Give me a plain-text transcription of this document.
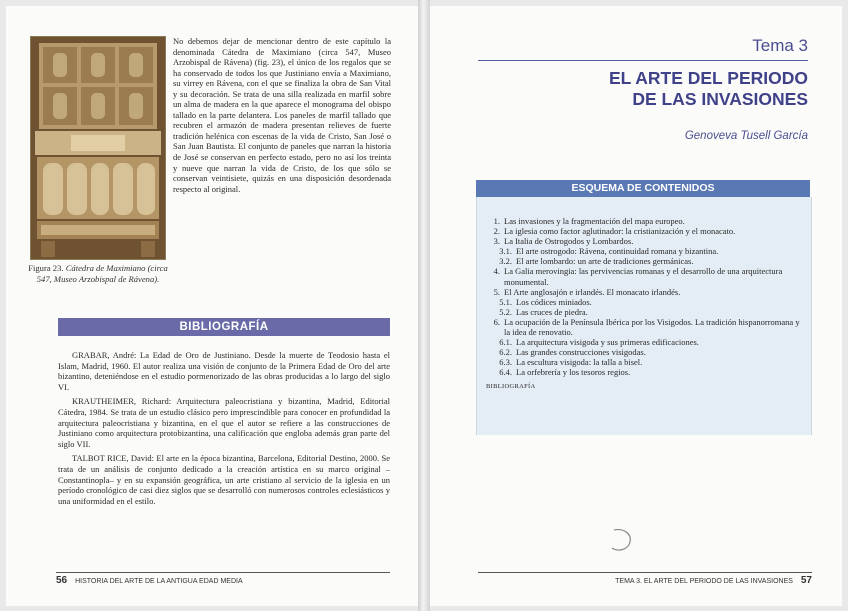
Figura 23. Cátedra de Maximiano (circa 547, Museo Arzobispal de Rávena).
No debemos dejar de mencionar dentro de este capítulo la denominada Cátedra de Maximiano (circa 547, Museo Arzobispal de Rávena) (fig. 23), el único de los regalos que se ha conservado de todos los que Justiniano envía a Maximiano, su virrey en Rávena, con el que se finaliza la obra de San Vital y su decoración. Se trata de una silla realizada en marfil sobre un alma de madera en la que aparece el monograma del obispo tallado en la parte delantera. Los paneles de marfil tallado que recubren el armazón de madera presentan relieves de fuerte tradición helénica con escenas de la vida de Cristo, San José o San Juan Bautista. El conjunto de paneles que narran la historia de José se conservan en perfecto estado, pero no así los treinta y nueve que narran la vida de Cristo, de los que sólo se conservan veintisiete, quizás en una disposición desordenada respecto al original.
BIBLIOGRAFÍA

GRABAR, André: La Edad de Oro de Justiniano. Desde la muerte de Teodosio hasta el Islam, Madrid, 1960. El autor realiza una visión de conjunto de la Primera Edad de Oro del arte bizantino, deteniéndose en el estudio pormenorizado de las obras producidas a lo largo del siglo VI.

KRAUTHEIMER, Richard: Arquitectura paleocristiana y bizantina, Madrid, Editorial Cátedra, 1984. Se trata de un estudio clásico pero imprescindible para conocer en profundidad la arquitectura paleocristiana y bizantina, en el que el autor se refiere a las construcciones de Justiniano como arquitectura protobizantina, una calificación que engloba además gran parte del siglo VII.

TALBOT RICE, David: El arte en la época bizantina, Barcelona, Editorial Destino, 2000. Se trata de un análisis de conjunto dedicado a la creación artística en su marco original –Constantinopla– y en su expansión geográfica, un arte cristiano al servicio de la iglesia en un período cronológico de casi diez siglos que se desarrolló con numerosos controles eclesiásticos y una uniformidad en el estilo.

56 HISTORIA DEL ARTE DE LA ANTIGUA EDAD MEDIA
Tema 3
EL ARTE DEL PERIODO
DE LAS INVASIONES
Genoveva Tusell García
ESQUEMA DE CONTENIDOS
1. Las invasiones y la fragmentación del mapa europeo.
2. La iglesia como factor aglutinador: la cristianización y el monacato.
3. La Italia de Ostrogodos y Lombardos.
3.1. El arte ostrogodo: Rávena, continuidad romana y bizantina.
3.2. El arte lombardo: un arte de tradiciones germánicas.
4. La Galia merovingia: las pervivencias romanas y el desarrollo de una arquitectura monumental.
5. El Arte anglosajón e irlandés. El monacato irlandés.
5.1. Los códices miniados.
5.2. Las cruces de piedra.
6. La ocupación de la Península Ibérica por los Visigodos. La tradición hispanorromana y la idea de renovatio.
6.1. La arquitectura visigoda y sus primeras edificaciones.
6.2. Las grandes construcciones visigodas.
6.3. La escultura visigoda: la talla a bisel.
6.4. La orfebrería y los tesoros regios.
BIBLIOGRAFÍA
TEMA 3. EL ARTE DEL PERIODO DE LAS INVASIONES 57
